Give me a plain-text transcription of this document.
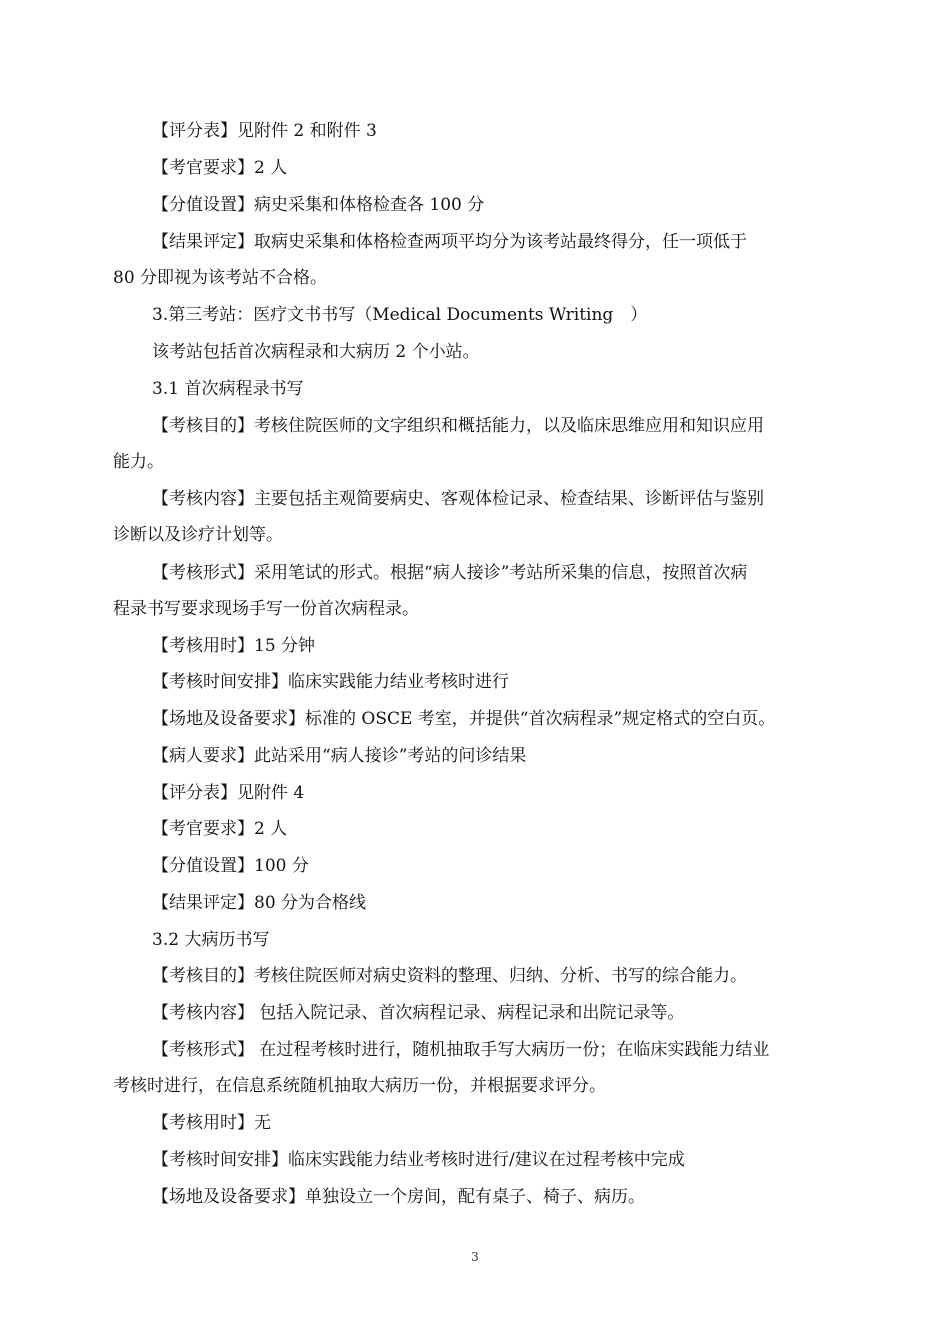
【评分表】见附件 2 和附件 3
【考官要求】2 人
【分值设置】病史采集和体格检查各 100 分
【结果评定】取病史采集和体格检查两项平均分为该考站最终得分，任一项低于
80 分即视为该考站不合格。
3.第三考站：医疗文书书写（Medical Documents Writing　）
该考站包括首次病程录和大病历 2 个小站。
3.1 首次病程录书写
【考核目的】考核住院医师的文字组织和概括能力，以及临床思维应用和知识应用
能力。
【考核内容】主要包括主观简要病史、客观体检记录、检查结果、诊断评估与鉴别
诊断以及诊疗计划等。
【考核形式】采用笔试的形式。根据“病人接诊”考站所采集的信息，按照首次病
程录书写要求现场手写一份首次病程录。
【考核用时】15 分钟
【考核时间安排】临床实践能力结业考核时进行
【场地及设备要求】标准的 OSCE 考室，并提供“首次病程录”规定格式的空白页。
【病人要求】此站采用“病人接诊”考站的问诊结果
【评分表】见附件 4
【考官要求】2 人
【分值设置】100 分
【结果评定】80 分为合格线
3.2 大病历书写
【考核目的】考核住院医师对病史资料的整理、归纳、分析、书写的综合能力。
【考核内容】 包括入院记录、首次病程记录、病程记录和出院记录等。
【考核形式】 在过程考核时进行，随机抽取手写大病历一份；在临床实践能力结业
考核时进行，在信息系统随机抽取大病历一份，并根据要求评分。
【考核用时】无
【考核时间安排】临床实践能力结业考核时进行/建议在过程考核中完成
【场地及设备要求】单独设立一个房间，配有桌子、椅子、病历。
3
